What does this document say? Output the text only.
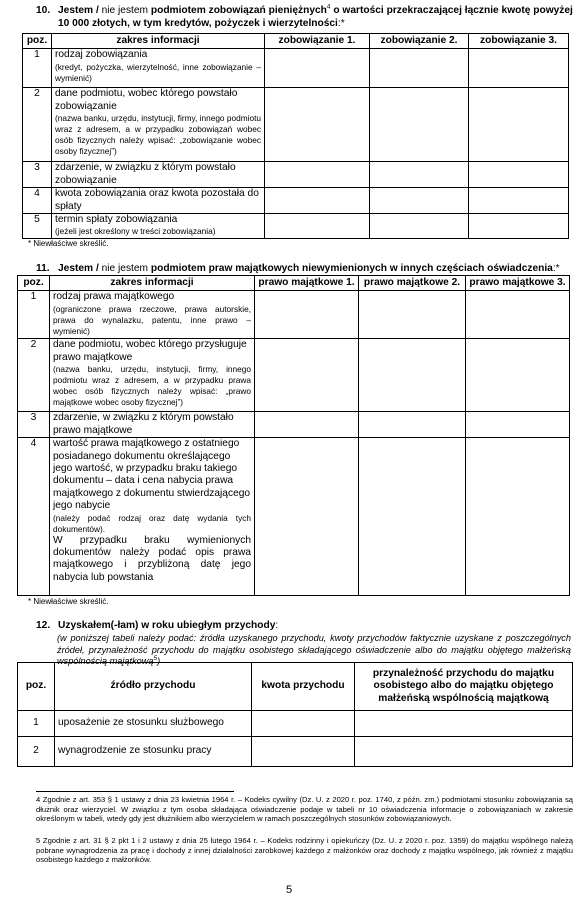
10. Jestem / nie jestem podmiotem zobowiązań pieniężnych$^4$ o wartości przekraczającej łącznie kwotę powyżej
10 000 złotych, w tym kredytów, pożyczek i wierzytelności:*
poz.	zakres informacji	zobowiązanie 1.	zobowiązanie 2.	zobowiązanie 3.
1	rodzaj zobowiązania
(kredyt, pożyczka, wierzytelność, inne zobowiązanie – wymienić)			

2	dane podmiotu, wobec którego powstało zobowiązanie
(nazwa banku, urzędu, instytucji, firmy, innego podmiotu wraz z adresem, a w przypadku zobowiązań wobec osób fizycznych należy wpisać: „zobowiązanie wobec osoby fizycznej”)			

3	zdarzenie, w związku z którym powstało zobowiązanie			
4	kwota zobowiązania oraz kwota pozostała do spłaty			
5	termin spłaty zobowiązania
(jeżeli jest określony w treści zobowiązania)			

* Niewłaściwe skreślić.
11. Jestem / nie jestem podmiotem praw majątkowych niewymienionych w innych częściach oświadczenia:*
poz.	zakres informacji	prawo majątkowe 1.	prawo majątkowe 2.	prawo majątkowe 3.
1	rodzaj prawa majątkowego
(ograniczone prawa rzeczowe, prawa autorskie, prawa do wynalazku, patentu, inne prawo – wymienić)			

2	dane podmiotu, wobec którego przysługuje prawo majątkowe
(nazwa banku, urzędu, instytucji, firmy, innego podmiotu wraz z adresem, a w przypadku prawa wobec osób fizycznych należy wpisać: „prawo majątkowe wobec osoby fizycznej”)			

3	zdarzenie, w związku z którym powstało prawo majątkowe			
4	wartość prawa majątkowego z ostatniego posiadanego dokumentu określającego jego wartość, w przypadku braku takiego dokumentu – data i cena nabycia prawa majątkowego z dokumentu stwierdzającego jego nabycie
(należy podać rodzaj oraz datę wydania tych dokumentów).
W przypadku braku wymienionych dokumentów należy podać opis prawa majątkowego i przybliżoną datę jego nabycia lub powstania			

* Niewłaściwe skreślić.
12. Uzyskałem(-łam) w roku ubiegłym przychody:
(w poniższej tabeli należy podać: źródła uzyskanego przychodu, kwoty przychodów faktycznie uzyskane z poszczególnych źródeł, przynależność przychodu do majątku osobistego składającego oświadczenie albo do majątku objętego małżeńską wspólnością majątkową$^5$)
poz.	źródło przychodu	kwota przychodu	przynależność przychodu do majątku osobistego albo do majątku objętego małżeńską wspólnością majątkową
1	uposażenie ze stosunku służbowego		
2	wynagrodzenie ze stosunku pracy		
4 Zgodnie z art. 353 § 1 ustawy z dnia 23 kwietnia 1964 r. – Kodeks cywilny (Dz. U. z 2020 r. poz. 1740, z późn. zm.) podmiotami stosunku zobowiązania są dłużnik oraz wierzyciel. W związku z tym osoba składająca oświadczenie podaje w tabeli nr 10 oświadczenia informacje o zobowiązaniach w zakresie określonym w tabeli, wtedy gdy jest dłużnikiem albo wierzycielem w ramach poszczególnych stosunków zobowiązaniowych.
5 Zgodnie z art. 31 § 2 pkt 1 i 2 ustawy z dnia 25 lutego 1964 r. – Kodeks rodzinny i opiekuńczy (Dz. U. z 2020 r. poz. 1359) do majątku wspólnego należą pobrane wynagrodzenia za pracę i dochody z innej działalności zarobkowej każdego z małżonków oraz dochody z majątku wspólnego, jak również z majątku osobistego każdego z małżonków.
5
